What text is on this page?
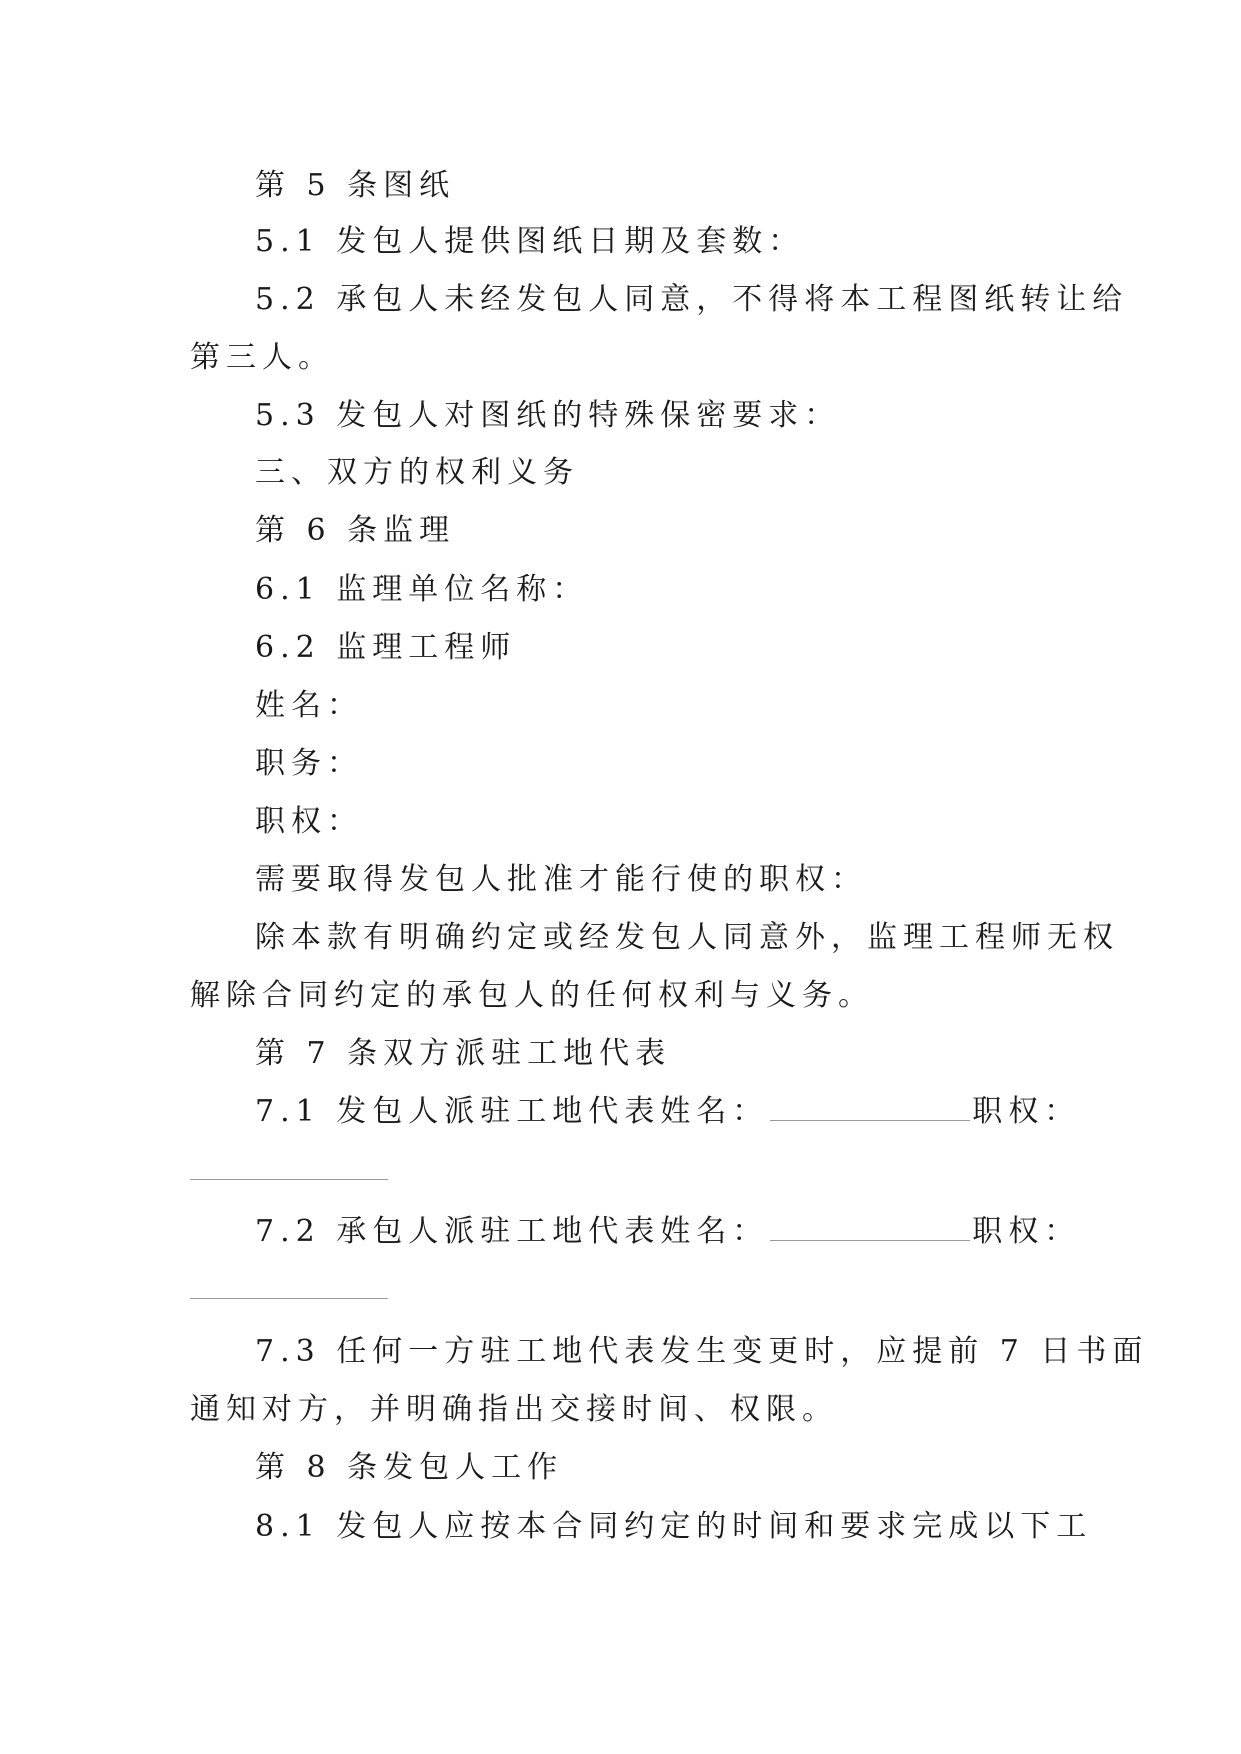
第 5 条图纸
5.1 发包人提供图纸日期及套数：
5.2 承包人未经发包人同意，不得将本工程图纸转让给
第三人。
5.3 发包人对图纸的特殊保密要求：
三、双方的权利义务
第 6 条监理
6.1 监理单位名称：
6.2 监理工程师
姓名：
职务：
职权：
需要取得发包人批准才能行使的职权：
除本款有明确约定或经发包人同意外，监理工程师无权
解除合同约定的承包人的任何权利与义务。
第 7 条双方派驻工地代表
7.1 发包人派驻工地代表姓名：	职权：
7.2 承包人派驻工地代表姓名：	职权：
7.3 任何一方驻工地代表发生变更时，应提前 7 日书面
通知对方，并明确指出交接时间、权限。
第 8 条发包人工作
8.1 发包人应按本合同约定的时间和要求完成以下工
